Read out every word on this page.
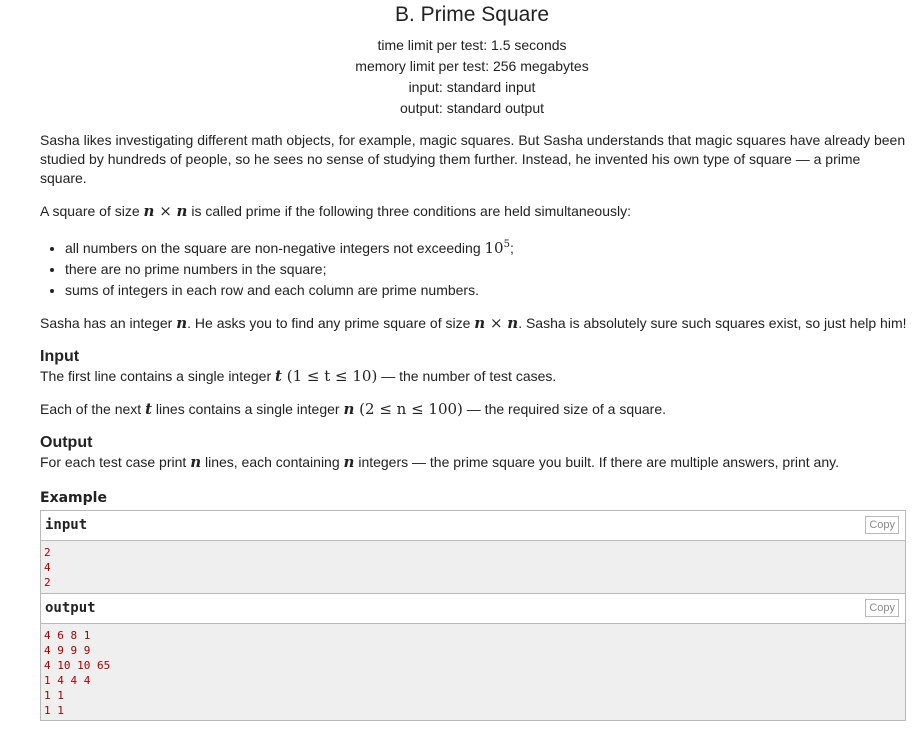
B. Prime Square
time limit per test: 1.5 seconds
memory limit per test: 256 megabytes
input: standard input
output: standard output

Sasha likes investigating different math objects, for example, magic squares. But Sasha understands that magic squares have already been studied by hundreds of people, so he sees no sense of studying them further. Instead, he invented his own type of square — a prime square.

A square of size n × n is called prime if the following three conditions are held simultaneously:

• all numbers on the square are non-negative integers not exceeding $10^5$;
• there are no prime numbers in the square;
• sums of integers in each row and each column are prime numbers.

Sasha has an integer n. He asks you to find any prime square of size n × n. Sasha is absolutely sure such squares exist, so just help him!

Input

The first line contains a single integer t (1 ≤ t ≤ 10) — the number of test cases.

Each of the next t lines contains a single integer n (2 ≤ n ≤ 100) — the required size of a square.

Output

For each test case print n lines, each containing n integers — the prime square you built. If there are multiple answers, print any.

Example
input	Copy
2
4
2
output	Copy
4 6 8 1
4 9 9 9
4 10 10 65
1 4 4 4
1 1
1 1
